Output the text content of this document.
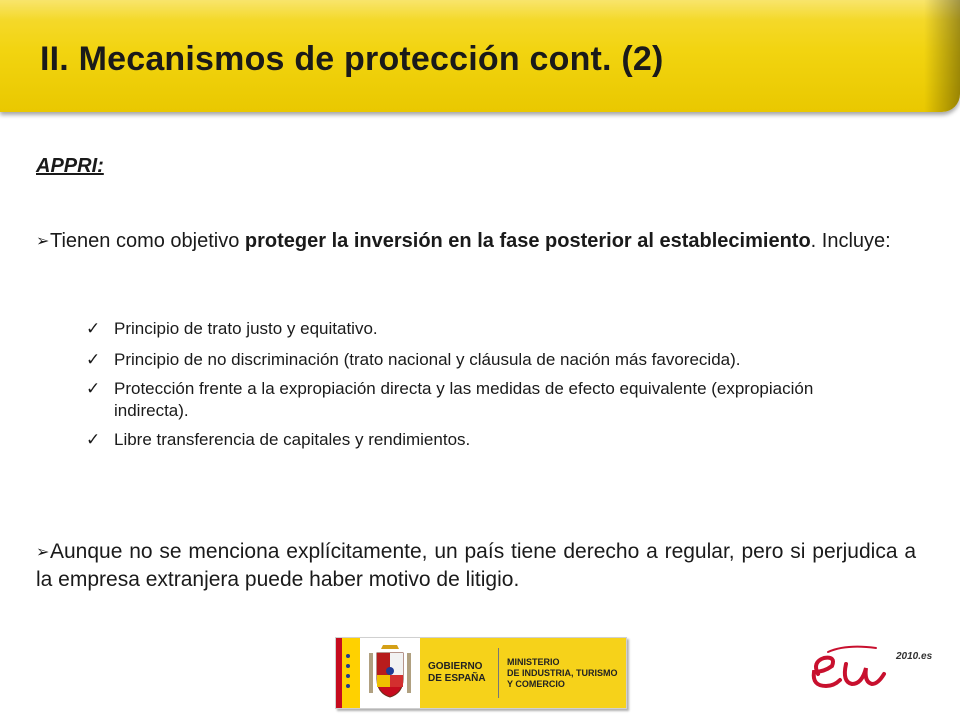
II. Mecanismos de protección cont. (2)
APPRI:
➢Tienen como objetivo proteger la inversión en la fase posterior al establecimiento. Incluye:
✓ Principio de trato justo y equitativo.
✓ Principio de no discriminación (trato nacional y cláusula de nación más favorecida).
✓ Protección frente a la expropiación directa y las medidas de efecto equivalente (expropiación indirecta).
✓ Libre transferencia de capitales y rendimientos.
➢Aunque no se menciona explícitamente, un país tiene derecho a regular, pero si perjudica a la empresa extranjera puede haber motivo de litigio.
GOBIERNO
DE ESPAÑA
MINISTERIO
DE INDUSTRIA, TURISMO
Y COMERCIO
2010.es
